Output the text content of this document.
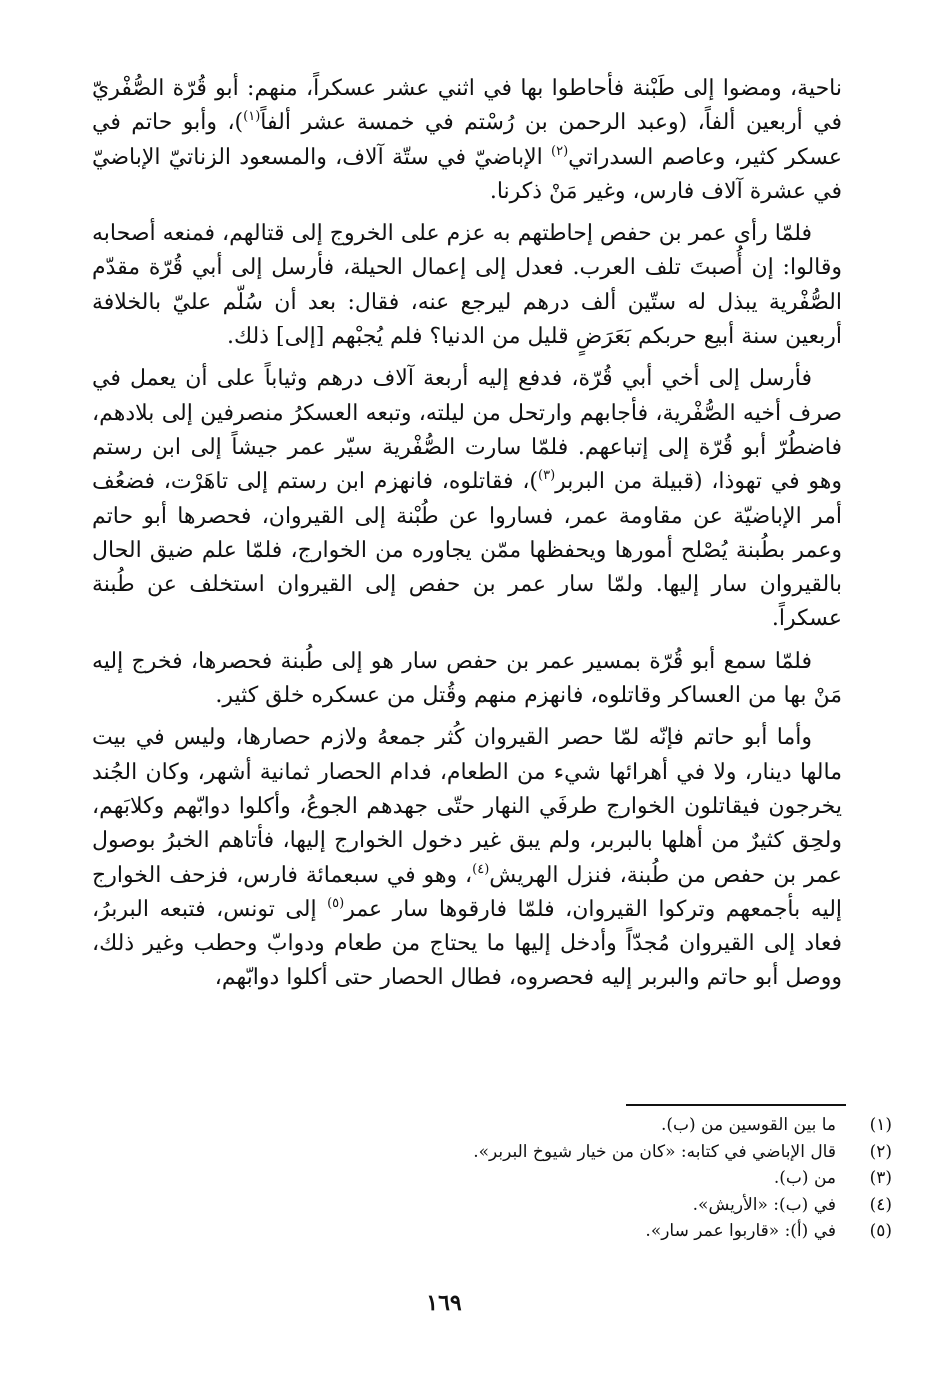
ناحية، ومضوا إلى طَبْنة فأحاطوا بها في اثني عشر عسكراً، منهم: أبو قُرّة الصُّفْريّ في أربعين ألفاً، (وعبد الرحمن بن رُسْتم في خمسة عشر ألفاً$^{(١)}$)، وأبو حاتم في عسكر كثير، وعاصم السدراتي$^{(٢)}$ الإباضيّ في ستّة آلاف، والمسعود الزناتيّ الإباضيّ في عشرة آلاف فارس، وغير مَنْ ذكرنا.

فلمّا رأى عمر بن حفص إحاطتهم به عزم على الخروج إلى قتالهم، فمنعه أصحابه وقالوا: إن أُصبتَ تلف العرب. فعدل إلى إعمال الحيلة، فأرسل إلى أبي قُرّة مقدّم الصُّفْرية يبذل له ستّين ألف درهم ليرجع عنه، فقال: بعد أن سُلّم عليّ بالخلافة أربعين سنة أبيع حربكم بَعَرَضٍ قليل من الدنيا؟ فلم يُجبْهم [إلى] ذلك.

فأرسل إلى أخي أبي قُرّة، فدفع إليه أربعة آلاف درهم وثياباً على أن يعمل في صرف أخيه الصُّفْرية، فأجابهم وارتحل من ليلته، وتبعه العسكرُ منصرفين إلى بلادهم، فاضطُرّ أبو قُرّة إلى إتباعهم. فلمّا سارت الصُّفْرية سيّر عمر جيشاً إلى ابن رستم وهو في تهوذا، (قبيلة من البربر$^{(٣)}$)، فقاتلوه، فانهزم ابن رستم إلى تاهَرْت، فضعُف أمر الإباضيّة عن مقاومة عمر، فساروا عن طُبْنة إلى القيروان، فحصرها أبو حاتم وعمر بطُبنة يُصْلح أمورها ويحفظها ممّن يجاوره من الخوارج، فلمّا علم ضيق الحال بالقيروان سار إليها. ولمّا سار عمر بن حفص إلى القيروان استخلف عن طُبنة عسكراً.

فلمّا سمع أبو قُرّة بمسير عمر بن حفص سار هو إلى طُبنة فحصرها، فخرج إليه مَنْ بها من العساكر وقاتلوه، فانهزم منهم وقُتل من عسكره خلق كثير.

وأما أبو حاتم فإنّه لمّا حصر القيروان كُثر جمعهُ ولازم حصارها، وليس في بيت مالها دينار، ولا في أهرائها شيء من الطعام، فدام الحصار ثمانية أشهر، وكان الجُند يخرجون فيقاتلون الخوارج طرفَي النهار حتّى جهدهم الجوعُ، وأكلوا دوابّهم وكلابَهم، ولحِق كثيرٌ من أهلها بالبربر، ولم يبق غير دخول الخوارج إليها، فأتاهم الخبرُ بوصول عمر بن حفص من طُبنة، فنزل الهريش$^{(٤)}$، وهو في سبعمائة فارس، فزحف الخوارج إليه بأجمعهم وتركوا القيروان، فلمّا فارقوها سار عمر$^{(٥)}$ إلى تونس، فتبعه البربرُ، فعاد إلى القيروان مُجدّاً وأدخل إليها ما يحتاج من طعام ودوابّ وحطب وغير ذلك، ووصل أبو حاتم والبربر إليه فحصروه، فطال الحصار حتى أكلوا دوابّهم،

(١)
ما بين القوسين من (ب).
(٢)
قال الإباضي في كتابه: «كان من خيار شيوخ البربر».
(٣)
من (ب).
(٤)
في (ب): «الأريش».
(٥)
في (أ): «قاربوا عمر سار».
١٦٩
